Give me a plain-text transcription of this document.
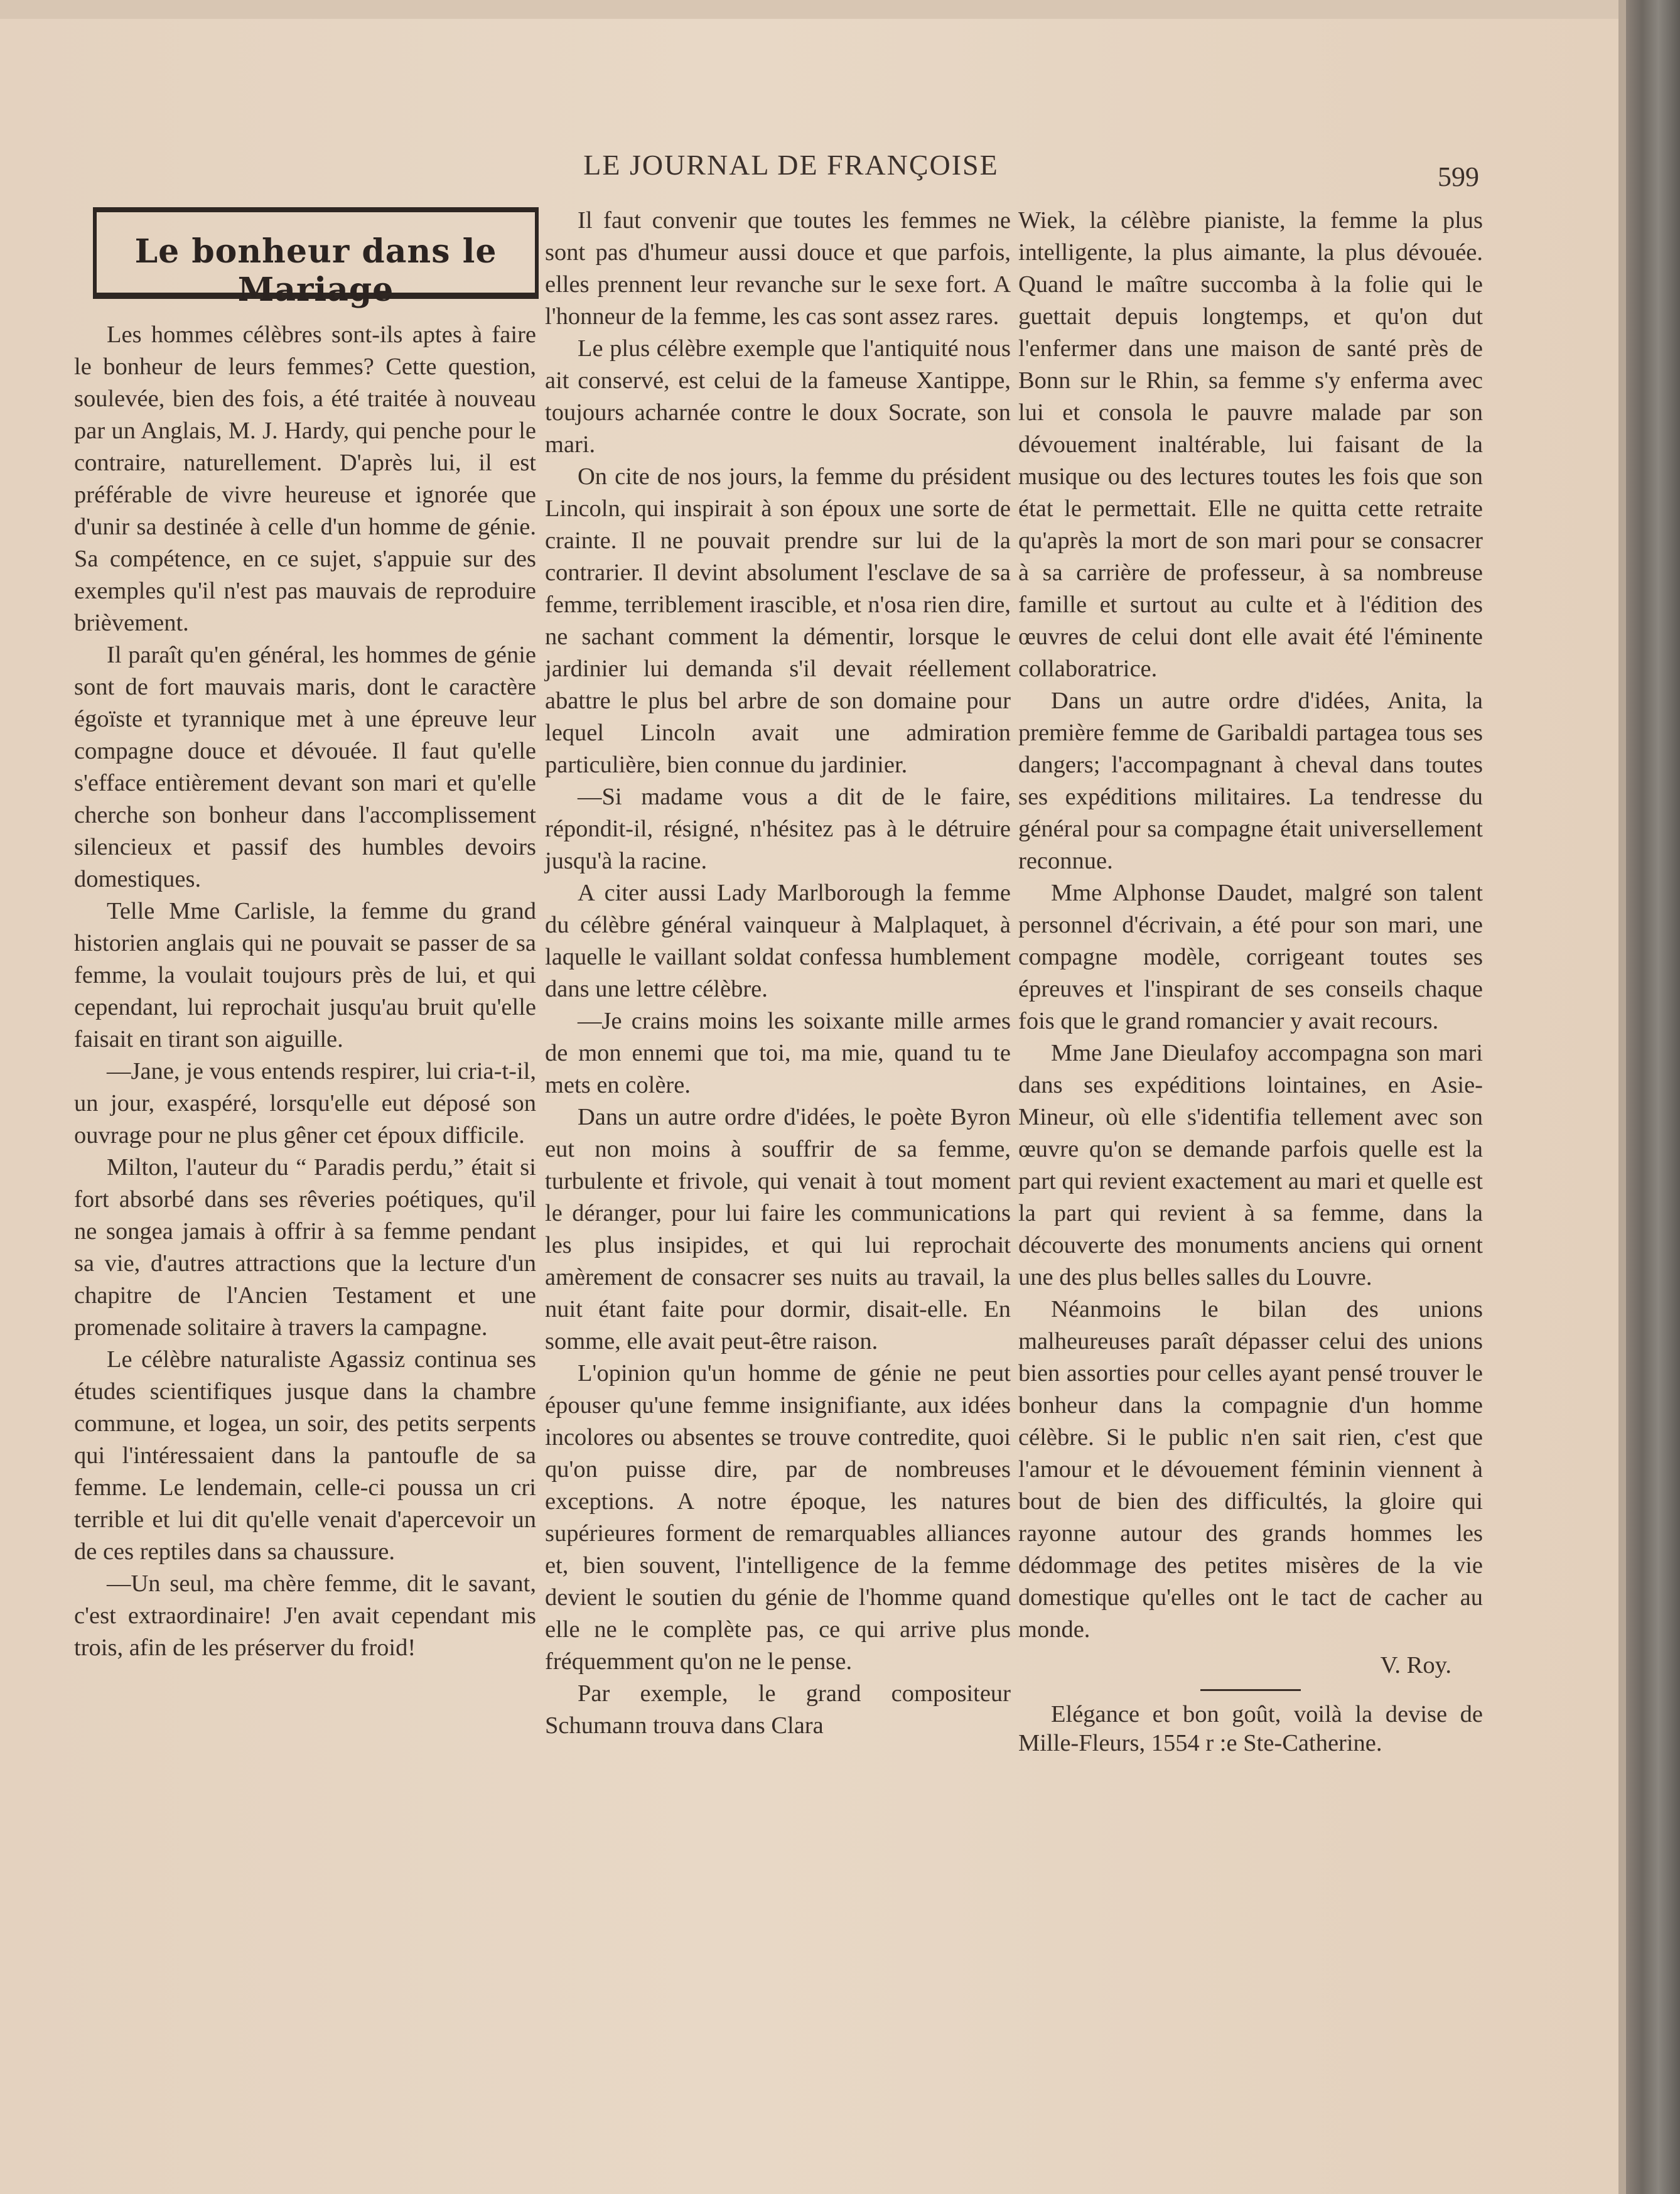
LE JOURNAL DE FRANÇOISE	599
Le bonheur dans le Mariage

Les hommes célèbres sont-ils aptes à faire le bonheur de leurs femmes? Cette question, soulevée, bien des fois, a été traitée à nouveau par un Anglais, M. J. Hardy, qui penche pour le contraire, naturellement. D'après lui, il est préférable de vivre heureuse et ignorée que d'unir sa destinée à celle d'un homme de génie. Sa compétence, en ce sujet, s'appuie sur des exemples qu'il n'est pas mauvais de reproduire brièvement.

Il paraît qu'en général, les hommes de génie sont de fort mauvais maris, dont le caractère égoïste et tyrannique met à une épreuve leur compagne douce et dévouée. Il faut qu'elle s'efface entièrement devant son mari et qu'elle cherche son bonheur dans l'accomplissement silencieux et passif des humbles devoirs domestiques.

Telle Mme Carlisle, la femme du grand historien anglais qui ne pouvait se passer de sa femme, la voulait toujours près de lui, et qui cependant, lui reprochait jusqu'au bruit qu'elle faisait en tirant son aiguille.

—Jane, je vous entends respirer, lui cria-t-il, un jour, exaspéré, lorsqu'elle eut déposé son ouvrage pour ne plus gêner cet époux difficile.

Milton, l'auteur du “ Paradis perdu,” était si fort absorbé dans ses rêveries poétiques, qu'il ne songea jamais à offrir à sa femme pendant sa vie, d'autres attractions que la lecture d'un chapitre de l'Ancien Testament et une promenade solitaire à travers la campagne.

Le célèbre naturaliste Agassiz continua ses études scientifiques jusque dans la chambre commune, et logea, un soir, des petits serpents qui l'intéressaient dans la pantoufle de sa femme. Le lendemain, celle-ci poussa un cri terrible et lui dit qu'elle venait d'apercevoir un de ces reptiles dans sa chaussure.

—Un seul, ma chère femme, dit le savant, c'est extraordinaire! J'en avait cependant mis trois, afin de les préserver du froid!

Il faut convenir que toutes les femmes ne sont pas d'humeur aussi douce et que parfois, elles prennent leur revanche sur le sexe fort. A l'honneur de la femme, les cas sont assez rares.

Le plus célèbre exemple que l'antiquité nous ait conservé, est celui de la fameuse Xantippe, toujours acharnée contre le doux Socrate, son mari.

On cite de nos jours, la femme du président Lincoln, qui inspirait à son époux une sorte de crainte. Il ne pouvait prendre sur lui de la contrarier. Il devint absolument l'esclave de sa femme, terriblement irascible, et n'osa rien dire, ne sachant comment la démentir, lorsque le jardinier lui demanda s'il devait réellement abattre le plus bel arbre de son domaine pour lequel Lincoln avait une admiration particulière, bien connue du jardinier.

—Si madame vous a dit de le faire, répondit-il, résigné, n'hésitez pas à le détruire jusqu'à la racine.

A citer aussi Lady Marlborough la femme du célèbre général vainqueur à Malplaquet, à laquelle le vaillant soldat confessa humblement dans une lettre célèbre.

—Je crains moins les soixante mille armes de mon ennemi que toi, ma mie, quand tu te mets en colère.

Dans un autre ordre d'idées, le poète Byron eut non moins à souffrir de sa femme, turbulente et frivole, qui venait à tout moment le déranger, pour lui faire les communications les plus insipides, et qui lui reprochait amèrement de consacrer ses nuits au travail, la nuit étant faite pour dormir, disait-elle. En somme, elle avait peut-être raison.

L'opinion qu'un homme de génie ne peut épouser qu'une femme insignifiante, aux idées incolores ou absentes se trouve contredite, quoi qu'on puisse dire, par de nombreuses exceptions. A notre époque, les natures supérieures forment de remarquables alliances et, bien souvent, l'intelligence de la femme devient le soutien du génie de l'homme quand elle ne le complète pas, ce qui arrive plus fréquemment qu'on ne le pense.

Par exemple, le grand compositeur Schumann trouva dans Clara

Wiek, la célèbre pianiste, la femme la plus intelligente, la plus aimante, la plus dévouée. Quand le maître succomba à la folie qui le guettait depuis longtemps, et qu'on dut l'enfermer dans une maison de santé près de Bonn sur le Rhin, sa femme s'y enferma avec lui et consola le pauvre malade par son dévouement inaltérable, lui faisant de la musique ou des lectures toutes les fois que son état le permettait. Elle ne quitta cette retraite qu'après la mort de son mari pour se consacrer à sa carrière de professeur, à sa nombreuse famille et surtout au culte et à l'édition des œuvres de celui dont elle avait été l'éminente collaboratrice.

Dans un autre ordre d'idées, Anita, la première femme de Garibaldi partagea tous ses dangers; l'accompagnant à cheval dans toutes ses expéditions militaires. La tendresse du général pour sa compagne était universellement reconnue.

Mme Alphonse Daudet, malgré son talent personnel d'écrivain, a été pour son mari, une compagne modèle, corrigeant toutes ses épreuves et l'inspirant de ses conseils chaque fois que le grand romancier y avait recours.

Mme Jane Dieulafoy accompagna son mari dans ses expéditions lointaines, en Asie-Mineur, où elle s'identifia tellement avec son œuvre qu'on se demande parfois quelle est la part qui revient exactement au mari et quelle est la part qui revient à sa femme, dans la découverte des monuments anciens qui ornent une des plus belles salles du Louvre.

Néanmoins le bilan des unions malheureuses paraît dépasser celui des unions bien assorties pour celles ayant pensé trouver le bonheur dans la compagnie d'un homme célèbre. Si le public n'en sait rien, c'est que l'amour et le dévouement féminin viennent à bout de bien des difficultés, la gloire qui rayonne autour des grands hommes les dédommage des petites misères de la vie domestique qu'elles ont le tact de cacher au monde.

V. Roy.

Elégance et bon goût, voilà la devise de Mille-Fleurs, 1554 r :e Ste-Catherine.
